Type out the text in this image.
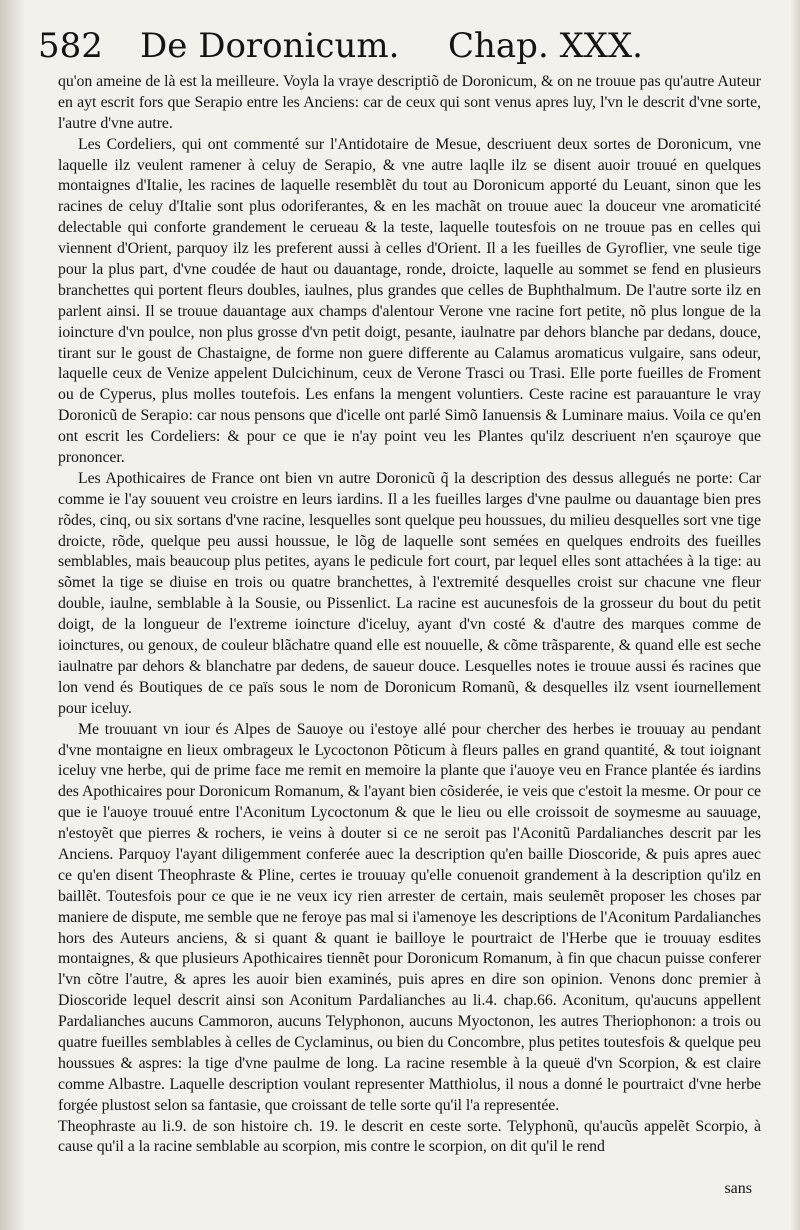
582 De Doronicum. Chap. XXX.

qu'on ameine de là est la meilleure. Voyla la vraye descriptiõ de Doronicum, & on ne trouue pas qu'autre Auteur en ayt escrit fors que Serapio entre les Anciens: car de ceux qui sont venus apres luy, l'vn le descrit d'vne sorte, l'autre d'vne autre.

Les Cordeliers, qui ont commenté sur l'Antidotaire de Mesue, descriuent deux sortes de Doronicum, vne laquelle ilz veulent ramener à celuy de Serapio, & vne autre laqlle ilz se disent auoir trouué en quelques montaignes d'Italie, les racines de laquelle resemblẽt du tout au Doronicum apporté du Leuant, sinon que les racines de celuy d'Italie sont plus odoriferantes, & en les machãt on trouue auec la douceur vne aromaticité delectable qui conforte grandement le cerueau & la teste, laquelle toutesfois on ne trouue pas en celles qui viennent d'Orient, parquoy ilz les preferent aussi à celles d'Orient. Il a les fueilles de Gyroflier, vne seule tige pour la plus part, d'vne coudée de haut ou dauantage, ronde, droicte, laquelle au sommet se fend en plusieurs branchettes qui portent fleurs doubles, iaulnes, plus grandes que celles de Buphthalmum. De l'autre sorte ilz en parlent ainsi. Il se trouue dauantage aux champs d'alentour Verone vne racine fort petite, nõ plus longue de la ioincture d'vn poulce, non plus grosse d'vn petit doigt, pesante, iaulnatre par dehors blanche par dedans, douce, tirant sur le goust de Chastaigne, de forme non guere differente au Calamus aromaticus vulgaire, sans odeur, laquelle ceux de Venize appelent Dulcichinum, ceux de Verone Trasci ou Trasi. Elle porte fueilles de Froment ou de Cyperus, plus molles toutefois. Les enfans la mengent voluntiers. Ceste racine est parauanture le vray Doronicũ de Serapio: car nous pensons que d'icelle ont parlé Simõ Ianuensis & Luminare maius. Voila ce qu'en ont escrit les Cordeliers: & pour ce que ie n'ay point veu les Plantes qu'ilz descriuent n'en sçauroye que prononcer.

Les Apothicaires de France ont bien vn autre Doronicũ q̃ la description des dessus allegués ne porte: Car comme ie l'ay souuent veu croistre en leurs iardins. Il a les fueilles larges d'vne paulme ou dauantage bien pres rõdes, cinq, ou six sortans d'vne racine, lesquelles sont quelque peu houssues, du milieu desquelles sort vne tige droicte, rõde, quelque peu aussi houssue, le lõg de laquelle sont semées en quelques endroits des fueilles semblables, mais beaucoup plus petites, ayans le pedicule fort court, par lequel elles sont attachées à la tige: au sõmet la tige se diuise en trois ou quatre branchettes, à l'extremité desquelles croist sur chacune vne fleur double, iaulne, semblable à la Sousie, ou Pissenlict. La racine est aucunesfois de la grosseur du bout du petit doigt, de la longueur de l'extreme ioincture d'iceluy, ayant d'vn costé & d'autre des marques comme de ioinctures, ou genoux, de couleur blãchatre quand elle est nouuelle, & cõme trãsparente, & quand elle est seche iaulnatre par dehors & blanchatre par dedens, de saueur douce. Lesquelles notes ie trouue aussi és racines que lon vend és Boutiques de ce païs sous le nom de Doronicum Romanũ, & desquelles ilz vsent iournellement pour iceluy.

Me trouuant vn iour és Alpes de Sauoye ou i'estoye allé pour chercher des herbes ie trouuay au pendant d'vne montaigne en lieux ombrageux le Lycoctonon Põticum à fleurs palles en grand quantité, & tout ioignant iceluy vne herbe, qui de prime face me remit en memoire la plante que i'auoye veu en France plantée és iardins des Apothicaires pour Doronicum Romanum, & l'ayant bien cõsiderée, ie veis que c'estoit la mesme. Or pour ce que ie l'auoye trouué entre l'Aconitum Lycoctonum & que le lieu ou elle croissoit de soymesme au sauuage, n'estoyẽt que pierres & rochers, ie veins à douter si ce ne seroit pas l'Aconitũ Pardalianches descrit par les Anciens. Parquoy l'ayant diligemment conferée auec la description qu'en baille Dioscoride, & puis apres auec ce qu'en disent Theophraste & Pline, certes ie trouuay qu'elle conuenoit grandement à la description qu'ilz en baillẽt. Toutesfois pour ce que ie ne veux icy rien arrester de certain, mais seulemẽt proposer les choses par maniere de dispute, me semble que ne feroye pas mal si i'amenoye les descriptions de l'Aconitum Pardalianches hors des Auteurs anciens, & si quant & quant ie bailloye le pourtraict de l'Herbe que ie trouuay esdites montaignes, & que plusieurs Apothicaires tiennẽt pour Doronicum Romanum, à fin que chacun puisse conferer l'vn cõtre l'autre, & apres les auoir bien examinés, puis apres en dire son opinion. Venons donc premier à Dioscoride lequel descrit ainsi son Aconitum Pardalianches au li.4. chap.66. Aconitum, qu'aucuns appellent Pardalianches aucuns Cammoron, aucuns Telyphonon, aucuns Myoctonon, les autres Theriophonon: a trois ou quatre fueilles semblables à celles de Cyclaminus, ou bien du Concombre, plus petites toutesfois & quelque peu houssues & aspres: la tige d'vne paulme de long. La racine resemble à la queuë d'vn Scorpion, & est claire comme Albastre. Laquelle description voulant representer Matthiolus, il nous a donné le pourtraict d'vne herbe forgée plustost selon sa fantasie, que croissant de telle sorte qu'il l'a representée.

Theophraste au li.9. de son histoire ch. 19. le descrit en ceste sorte. Telyphonũ, qu'aucũs appelẽt Scorpio, à cause qu'il a la racine semblable au scorpion, mis contre le scorpion, on dit qu'il le rend

sans
